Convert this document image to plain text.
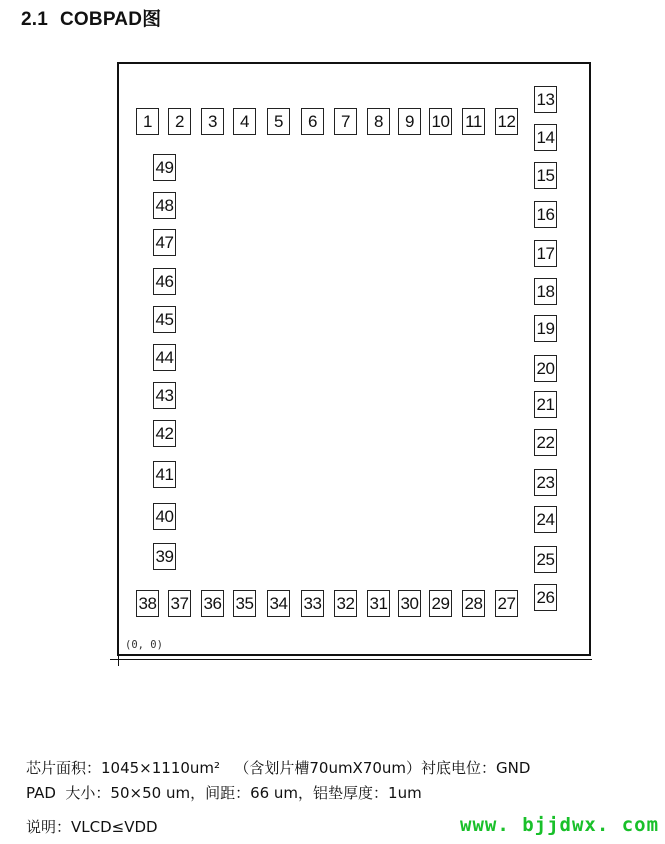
2.1 COBPAD图
1	2	3	4	5	6	7	8	9	10 11 12
13
14
15
16
17
18
19
20
21
22
23
24
25
26
38 37 36 35 34 33 32 31 30 29 28 27
49
48
47
46
45
44
43
42
41
40
39
(0, 0)
芯片面积：1045×1110um²   （含划片槽70umX70um）衬底电位：GND
PAD  大小：50×50 um，间距：66 um，铝垫厚度：1um
说明：VLCD≤VDD	www. bjjdwx. com
